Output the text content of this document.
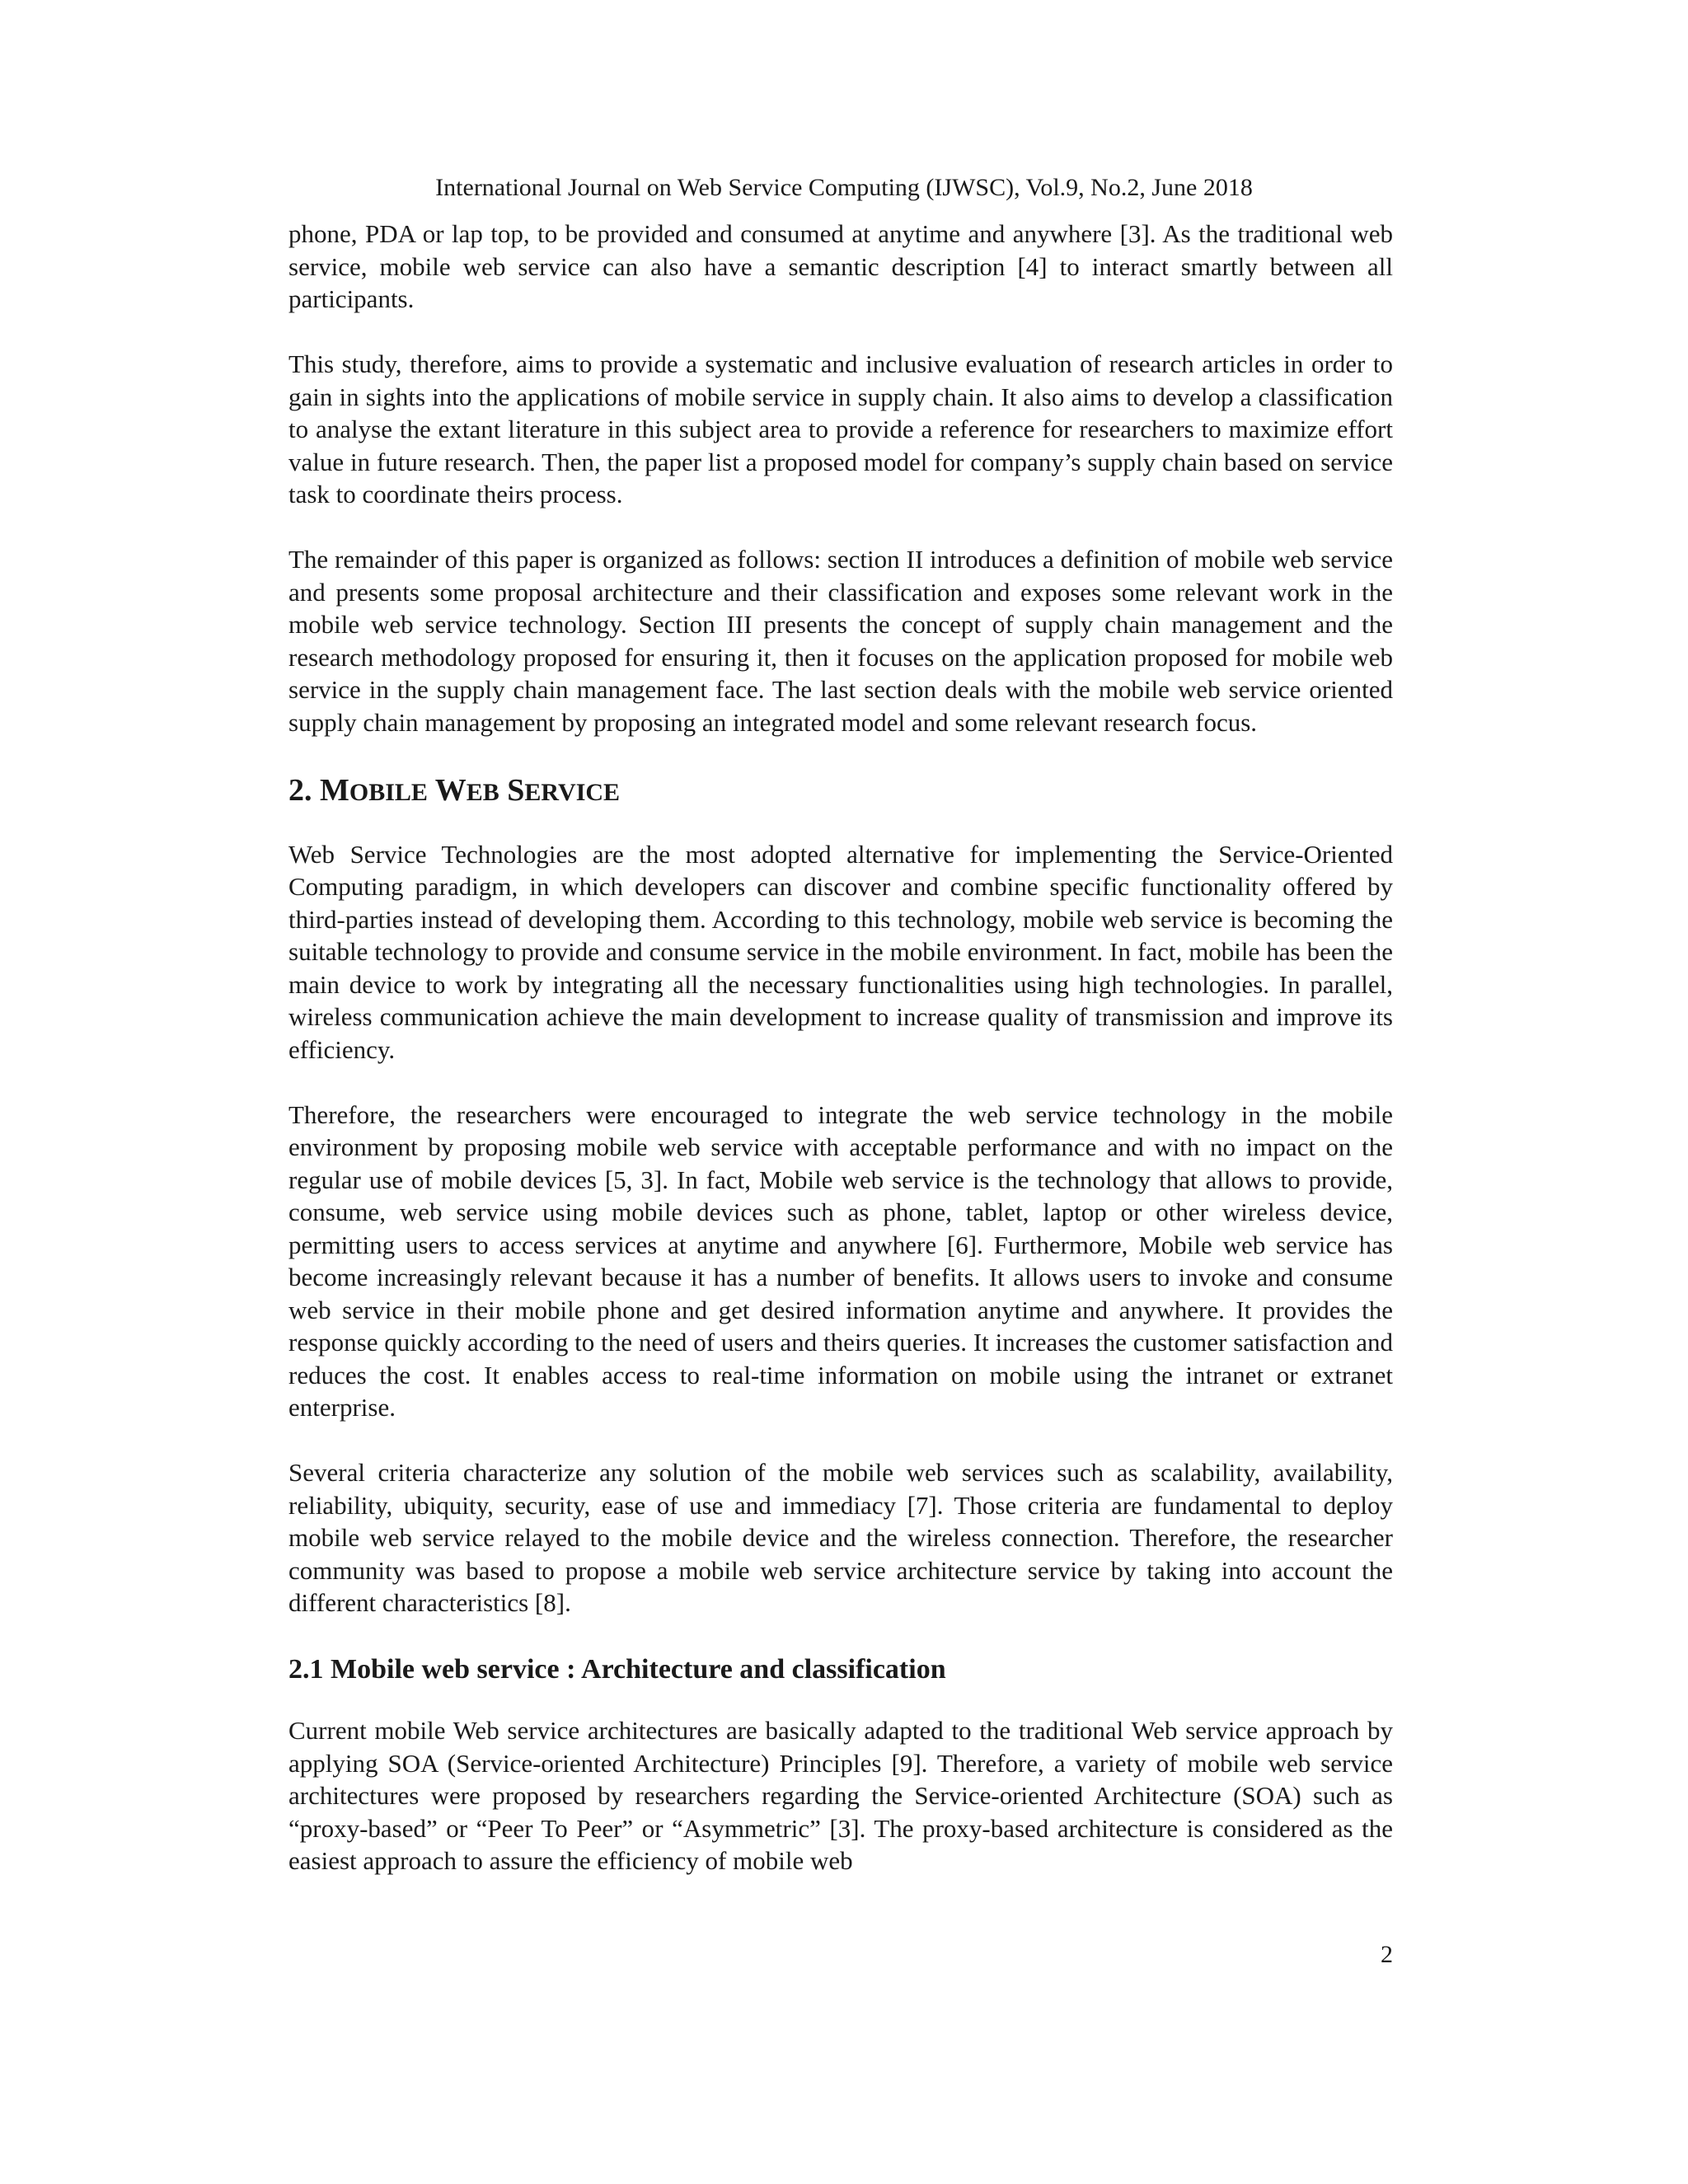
International Journal on Web Service Computing (IJWSC), Vol.9, No.2, June 2018

phone, PDA or lap top, to be provided and consumed at anytime and anywhere [3]. As the traditional web service, mobile web service can also have a semantic description [4] to interact smartly between all participants.

This study, therefore, aims to provide a systematic and inclusive evaluation of research articles in order to gain in sights into the applications of mobile service in supply chain. It also aims to develop a classification to analyse the extant literature in this subject area to provide a reference for researchers to maximize effort value in future research. Then, the paper list a proposed model for company’s supply chain based on service task to coordinate theirs process.

The remainder of this paper is organized as follows: section II introduces a definition of mobile web service and presents some proposal architecture and their classification and exposes some relevant work in the mobile web service technology. Section III presents the concept of supply chain management and the research methodology proposed for ensuring it, then it focuses on the application proposed for mobile web service in the supply chain management face. The last section deals with the mobile web service oriented supply chain management by proposing an integrated model and some relevant research focus.

2. MOBILE WEB SERVICE

Web Service Technologies are the most adopted alternative for implementing the Service-Oriented Computing paradigm, in which developers can discover and combine specific functionality offered by third-parties instead of developing them. According to this technology, mobile web service is becoming the suitable technology to provide and consume service in the mobile environment. In fact, mobile has been the main device to work by integrating all the necessary functionalities using high technologies. In parallel, wireless communication achieve the main development to increase quality of transmission and improve its efficiency.

Therefore, the researchers were encouraged to integrate the web service technology in the mobile environment by proposing mobile web service with acceptable performance and with no impact on the regular use of mobile devices [5, 3]. In fact, Mobile web service is the technology that allows to provide, consume, web service using mobile devices such as phone, tablet, laptop or other wireless device, permitting users to access services at anytime and anywhere [6]. Furthermore, Mobile web service has become increasingly relevant because it has a number of benefits. It allows users to invoke and consume web service in their mobile phone and get desired information anytime and anywhere. It provides the response quickly according to the need of users and theirs queries. It increases the customer satisfaction and reduces the cost. It enables access to real-time information on mobile using the intranet or extranet enterprise.

Several criteria characterize any solution of the mobile web services such as scalability, availability, reliability, ubiquity, security, ease of use and immediacy [7]. Those criteria are fundamental to deploy mobile web service relayed to the mobile device and the wireless connection. Therefore, the researcher community was based to propose a mobile web service architecture service by taking into account the different characteristics [8].

2.1 Mobile web service : Architecture and classification

Current mobile Web service architectures are basically adapted to the traditional Web service approach by applying SOA (Service-oriented Architecture) Principles [9]. Therefore, a variety of mobile web service architectures were proposed by researchers regarding the Service-oriented Architecture (SOA) such as “proxy-based” or “Peer To Peer” or “Asymmetric” [3]. The proxy-based architecture is considered as the easiest approach to assure the efficiency of mobile web

2
